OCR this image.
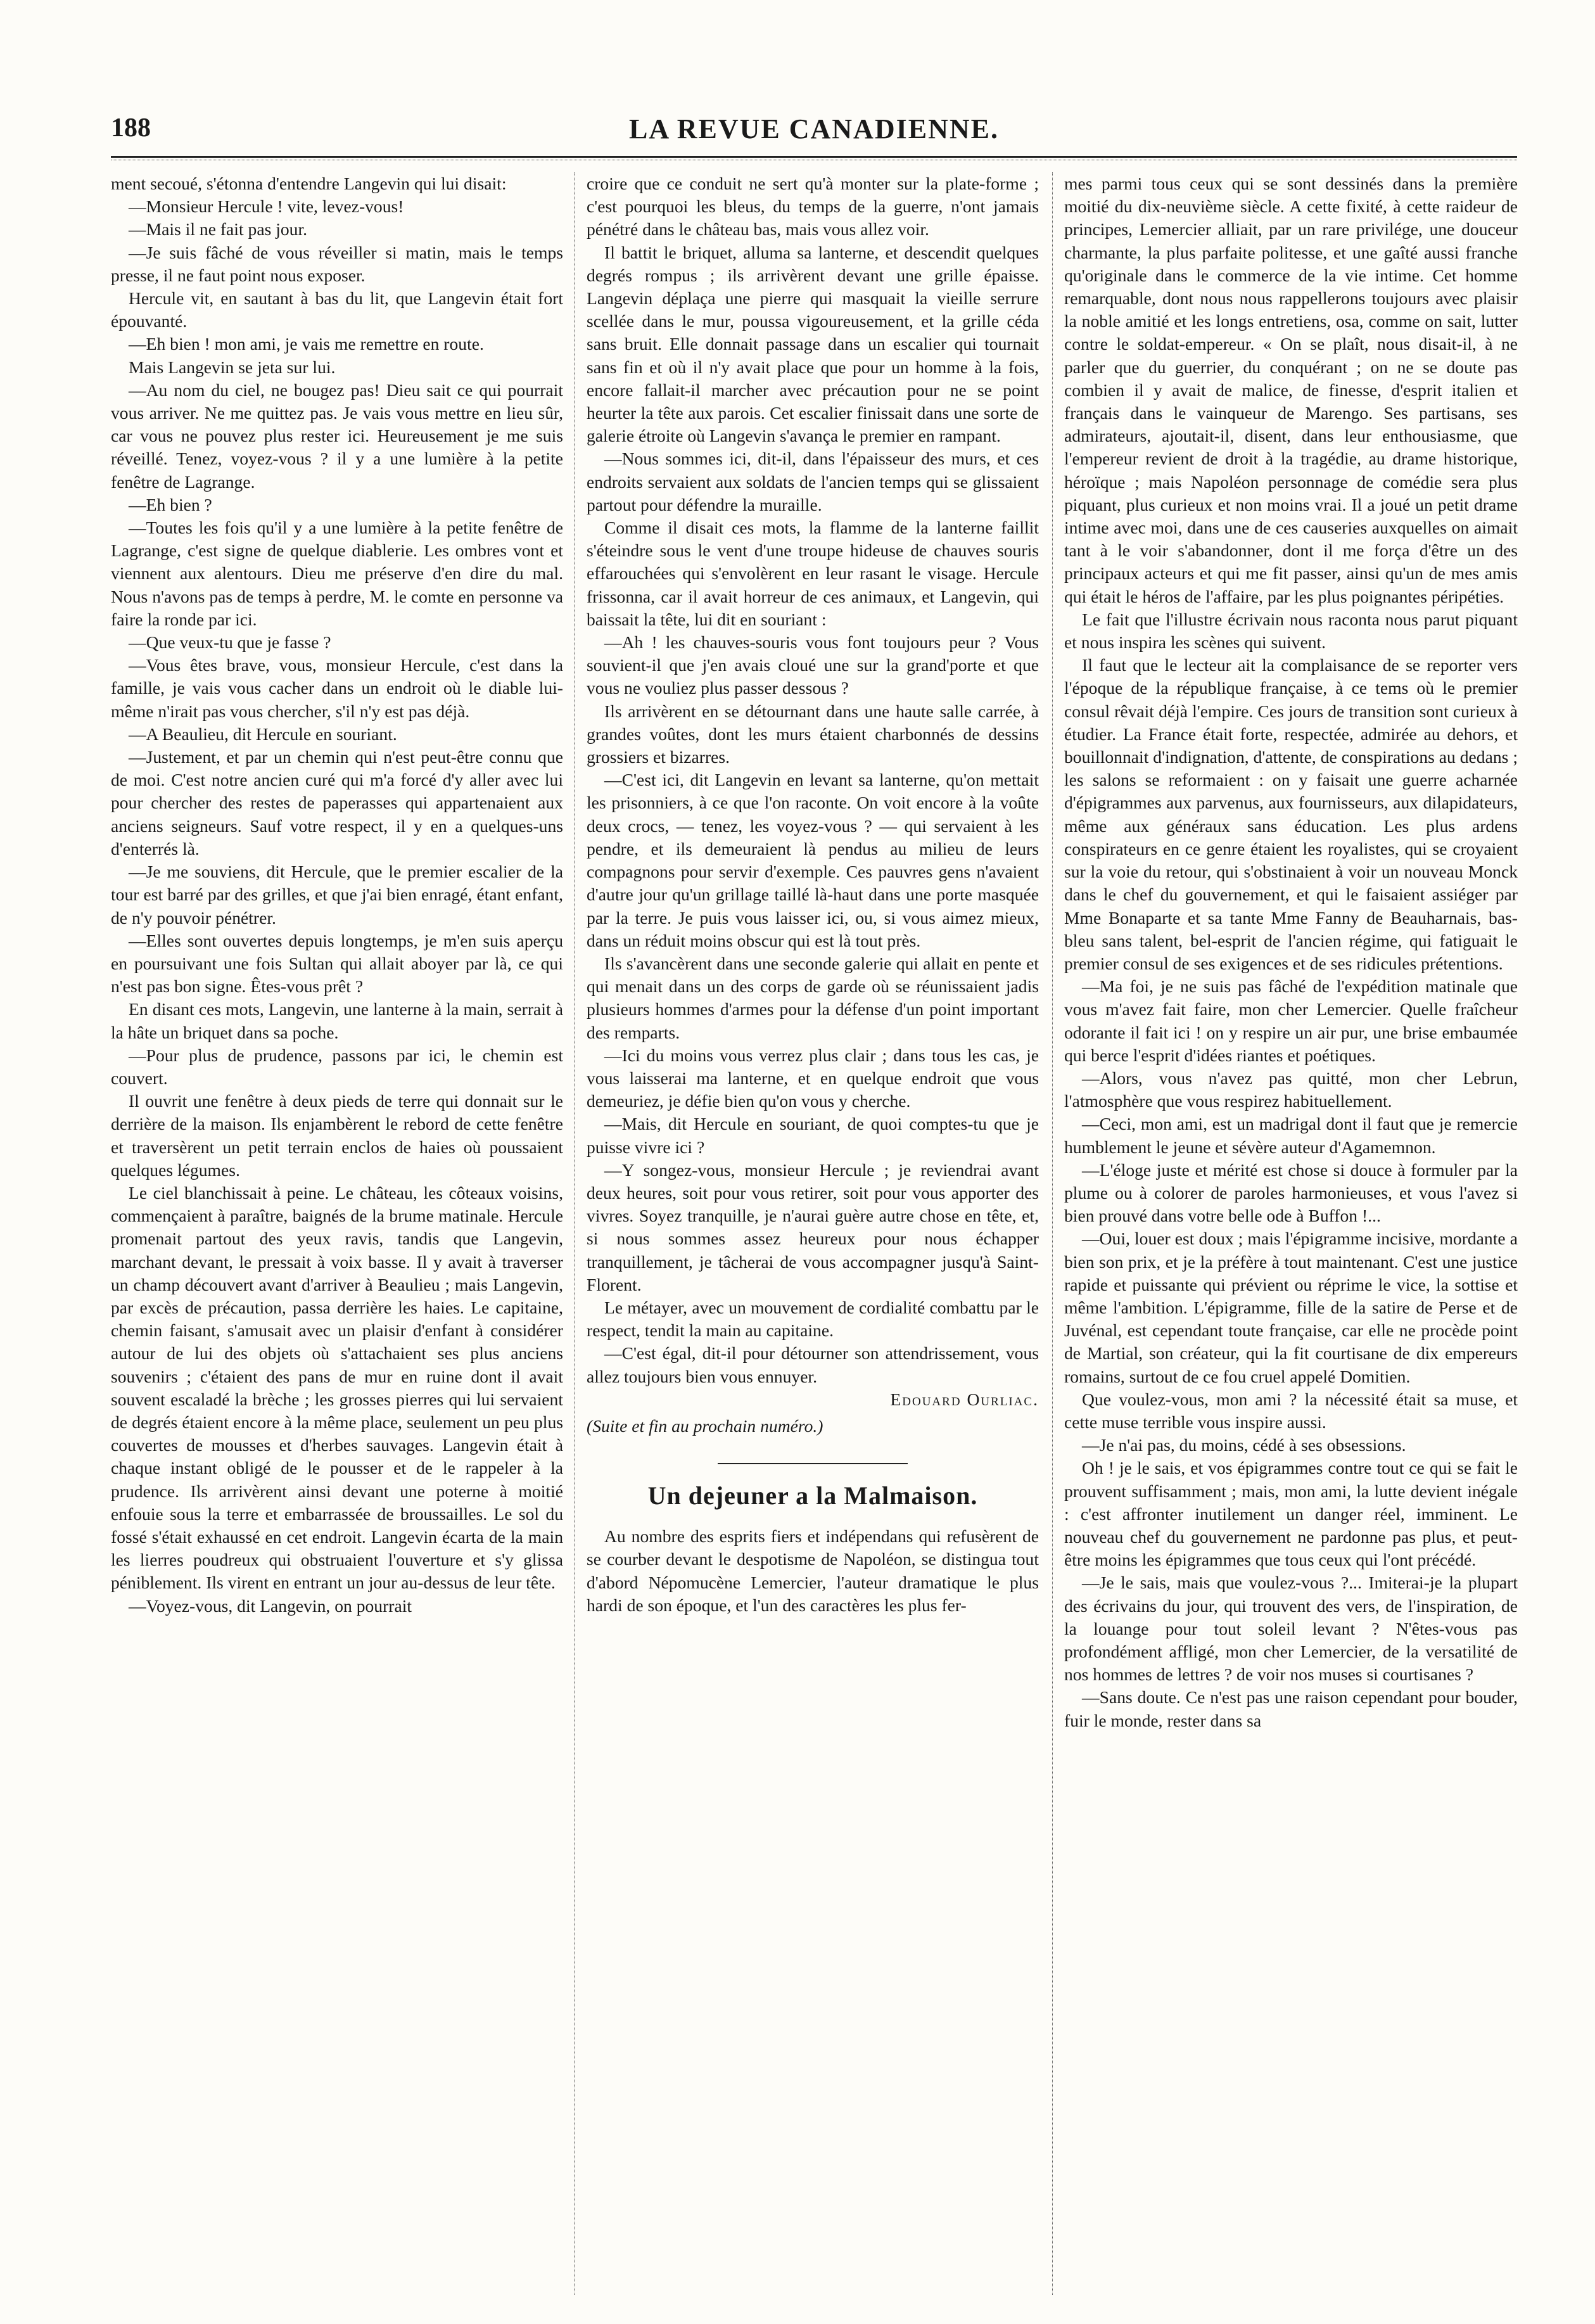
188	LA REVUE CANADIENNE.

ment secoué, s'étonna d'entendre Langevin qui lui disait:

—Monsieur Hercule ! vite, levez-vous!

—Mais il ne fait pas jour.

—Je suis fâché de vous réveiller si matin, mais le temps presse, il ne faut point nous exposer.

Hercule vit, en sautant à bas du lit, que Langevin était fort épouvanté.

—Eh bien ! mon ami, je vais me remettre en route.

Mais Langevin se jeta sur lui.

—Au nom du ciel, ne bougez pas! Dieu sait ce qui pourrait vous arriver. Ne me quittez pas. Je vais vous mettre en lieu sûr, car vous ne pouvez plus rester ici. Heureusement je me suis réveillé. Tenez, voyez-vous ? il y a une lumière à la petite fenêtre de Lagrange.

—Eh bien ?

—Toutes les fois qu'il y a une lumière à la petite fenêtre de Lagrange, c'est signe de quelque diablerie. Les ombres vont et viennent aux alentours. Dieu me préserve d'en dire du mal. Nous n'avons pas de temps à perdre, M. le comte en personne va faire la ronde par ici.

—Que veux-tu que je fasse ?

—Vous êtes brave, vous, monsieur Hercule, c'est dans la famille, je vais vous cacher dans un endroit où le diable lui-même n'irait pas vous chercher, s'il n'y est pas déjà.

—A Beaulieu, dit Hercule en souriant.

—Justement, et par un chemin qui n'est peut-être connu que de moi. C'est notre ancien curé qui m'a forcé d'y aller avec lui pour chercher des restes de paperasses qui appartenaient aux anciens seigneurs. Sauf votre respect, il y en a quelques-uns d'enterrés là.

—Je me souviens, dit Hercule, que le premier escalier de la tour est barré par des grilles, et que j'ai bien enragé, étant enfant, de n'y pouvoir pénétrer.

—Elles sont ouvertes depuis longtemps, je m'en suis aperçu en poursuivant une fois Sultan qui allait aboyer par là, ce qui n'est pas bon signe. Êtes-vous prêt ?

En disant ces mots, Langevin, une lanterne à la main, serrait à la hâte un briquet dans sa poche.

—Pour plus de prudence, passons par ici, le chemin est couvert.

Il ouvrit une fenêtre à deux pieds de terre qui donnait sur le derrière de la maison. Ils enjambèrent le rebord de cette fenêtre et traversèrent un petit terrain enclos de haies où poussaient quelques légumes.

Le ciel blanchissait à peine. Le château, les côteaux voisins, commençaient à paraître, baignés de la brume matinale. Hercule promenait partout des yeux ravis, tandis que Langevin, marchant devant, le pressait à voix basse. Il y avait à traverser un champ découvert avant d'arriver à Beaulieu ; mais Langevin, par excès de précaution, passa derrière les haies. Le capitaine, chemin faisant, s'amusait avec un plaisir d'enfant à considérer autour de lui des objets où s'attachaient ses plus anciens souvenirs ; c'étaient des pans de mur en ruine dont il avait souvent escaladé la brèche ; les grosses pierres qui lui servaient de degrés étaient encore à la même place, seulement un peu plus couvertes de mousses et d'herbes sauvages. Langevin était à chaque instant obligé de le pousser et de le rappeler à la prudence. Ils arrivèrent ainsi devant une poterne à moitié enfouie sous la terre et embarrassée de broussailles. Le sol du fossé s'était exhaussé en cet endroit. Langevin écarta de la main les lierres poudreux qui obstruaient l'ouverture et s'y glissa péniblement. Ils virent en entrant un jour au-dessus de leur tête.

—Voyez-vous, dit Langevin, on pourrait

croire que ce conduit ne sert qu'à monter sur la plate-forme ; c'est pourquoi les bleus, du temps de la guerre, n'ont jamais pénétré dans le château bas, mais vous allez voir.

Il battit le briquet, alluma sa lanterne, et descendit quelques degrés rompus ; ils arrivèrent devant une grille épaisse. Langevin déplaça une pierre qui masquait la vieille serrure scellée dans le mur, poussa vigoureusement, et la grille céda sans bruit. Elle donnait passage dans un escalier qui tournait sans fin et où il n'y avait place que pour un homme à la fois, encore fallait-il marcher avec précaution pour ne se point heurter la tête aux parois. Cet escalier finissait dans une sorte de galerie étroite où Langevin s'avança le premier en rampant.

—Nous sommes ici, dit-il, dans l'épaisseur des murs, et ces endroits servaient aux soldats de l'ancien temps qui se glissaient partout pour défendre la muraille.

Comme il disait ces mots, la flamme de la lanterne faillit s'éteindre sous le vent d'une troupe hideuse de chauves souris effarouchées qui s'envolèrent en leur rasant le visage. Hercule frissonna, car il avait horreur de ces animaux, et Langevin, qui baissait la tête, lui dit en souriant :

—Ah ! les chauves-souris vous font toujours peur ? Vous souvient-il que j'en avais cloué une sur la grand'porte et que vous ne vouliez plus passer dessous ?

Ils arrivèrent en se détournant dans une haute salle carrée, à grandes voûtes, dont les murs étaient charbonnés de dessins grossiers et bizarres.

—C'est ici, dit Langevin en levant sa lanterne, qu'on mettait les prisonniers, à ce que l'on raconte. On voit encore à la voûte deux crocs, — tenez, les voyez-vous ? — qui servaient à les pendre, et ils demeuraient là pendus au milieu de leurs compagnons pour servir d'exemple. Ces pauvres gens n'avaient d'autre jour qu'un grillage taillé là-haut dans une porte masquée par la terre. Je puis vous laisser ici, ou, si vous aimez mieux, dans un réduit moins obscur qui est là tout près.

Ils s'avancèrent dans une seconde galerie qui allait en pente et qui menait dans un des corps de garde où se réunissaient jadis plusieurs hommes d'armes pour la défense d'un point important des remparts.

—Ici du moins vous verrez plus clair ; dans tous les cas, je vous laisserai ma lanterne, et en quelque endroit que vous demeuriez, je défie bien qu'on vous y cherche.

—Mais, dit Hercule en souriant, de quoi comptes-tu que je puisse vivre ici ?

—Y songez-vous, monsieur Hercule ; je reviendrai avant deux heures, soit pour vous retirer, soit pour vous apporter des vivres. Soyez tranquille, je n'aurai guère autre chose en tête, et, si nous sommes assez heureux pour nous échapper tranquillement, je tâcherai de vous accompagner jusqu'à Saint-Florent.

Le métayer, avec un mouvement de cordialité combattu par le respect, tendit la main au capitaine.

—C'est égal, dit-il pour détourner son attendrissement, vous allez toujours bien vous ennuyer.

Edouard Ourliac.

(Suite et fin au prochain numéro.)

Un dejeuner a la Malmaison.

Au nombre des esprits fiers et indépendans qui refusèrent de se courber devant le despotisme de Napoléon, se distingua tout d'abord Népomucène Lemercier, l'auteur dramatique le plus hardi de son époque, et l'un des caractères les plus fer-

mes parmi tous ceux qui se sont dessinés dans la première moitié du dix-neuvième siècle. A cette fixité, à cette raideur de principes, Lemercier alliait, par un rare privilége, une douceur charmante, la plus parfaite politesse, et une gaîté aussi franche qu'originale dans le commerce de la vie intime. Cet homme remarquable, dont nous nous rappellerons toujours avec plaisir la noble amitié et les longs entretiens, osa, comme on sait, lutter contre le soldat-empereur. « On se plaît, nous disait-il, à ne parler que du guerrier, du conquérant ; on ne se doute pas combien il y avait de malice, de finesse, d'esprit italien et français dans le vainqueur de Marengo. Ses partisans, ses admirateurs, ajoutait-il, disent, dans leur enthousiasme, que l'empereur revient de droit à la tragédie, au drame historique, héroïque ; mais Napoléon personnage de comédie sera plus piquant, plus curieux et non moins vrai. Il a joué un petit drame intime avec moi, dans une de ces causeries auxquelles on aimait tant à le voir s'abandonner, dont il me força d'être un des principaux acteurs et qui me fit passer, ainsi qu'un de mes amis qui était le héros de l'affaire, par les plus poignantes péripéties.

Le fait que l'illustre écrivain nous raconta nous parut piquant et nous inspira les scènes qui suivent.

Il faut que le lecteur ait la complaisance de se reporter vers l'époque de la république française, à ce tems où le premier consul rêvait déjà l'empire. Ces jours de transition sont curieux à étudier. La France était forte, respectée, admirée au dehors, et bouillonnait d'indignation, d'attente, de conspirations au dedans ; les salons se reformaient : on y faisait une guerre acharnée d'épigrammes aux parvenus, aux fournisseurs, aux dilapidateurs, même aux généraux sans éducation. Les plus ardens conspirateurs en ce genre étaient les royalistes, qui se croyaient sur la voie du retour, qui s'obstinaient à voir un nouveau Monck dans le chef du gouvernement, et qui le faisaient assiéger par Mme Bonaparte et sa tante Mme Fanny de Beauharnais, bas-bleu sans talent, bel-esprit de l'ancien régime, qui fatiguait le premier consul de ses exigences et de ses ridicules prétentions.

—Ma foi, je ne suis pas fâché de l'expédition matinale que vous m'avez fait faire, mon cher Lemercier. Quelle fraîcheur odorante il fait ici ! on y respire un air pur, une brise embaumée qui berce l'esprit d'idées riantes et poétiques.

—Alors, vous n'avez pas quitté, mon cher Lebrun, l'atmosphère que vous respirez habituellement.

—Ceci, mon ami, est un madrigal dont il faut que je remercie humblement le jeune et sévère auteur d'Agamemnon.

—L'éloge juste et mérité est chose si douce à formuler par la plume ou à colorer de paroles harmonieuses, et vous l'avez si bien prouvé dans votre belle ode à Buffon !...

—Oui, louer est doux ; mais l'épigramme incisive, mordante a bien son prix, et je la préfère à tout maintenant. C'est une justice rapide et puissante qui prévient ou réprime le vice, la sottise et même l'ambition. L'épigramme, fille de la satire de Perse et de Juvénal, est cependant toute française, car elle ne procède point de Martial, son créateur, qui la fit courtisane de dix empereurs romains, surtout de ce fou cruel appelé Domitien.

Que voulez-vous, mon ami ? la nécessité était sa muse, et cette muse terrible vous inspire aussi.

—Je n'ai pas, du moins, cédé à ses obsessions.

Oh ! je le sais, et vos épigrammes contre tout ce qui se fait le prouvent suffisamment ; mais, mon ami, la lutte devient inégale : c'est affronter inutilement un danger réel, imminent. Le nouveau chef du gouvernement ne pardonne pas plus, et peut-être moins les épigrammes que tous ceux qui l'ont précédé.

—Je le sais, mais que voulez-vous ?... Imiterai-je la plupart des écrivains du jour, qui trouvent des vers, de l'inspiration, de la louange pour tout soleil levant ? N'êtes-vous pas profondément affligé, mon cher Lemercier, de la versatilité de nos hommes de lettres ? de voir nos muses si courtisanes ?

—Sans doute. Ce n'est pas une raison cependant pour bouder, fuir le monde, rester dans sa
